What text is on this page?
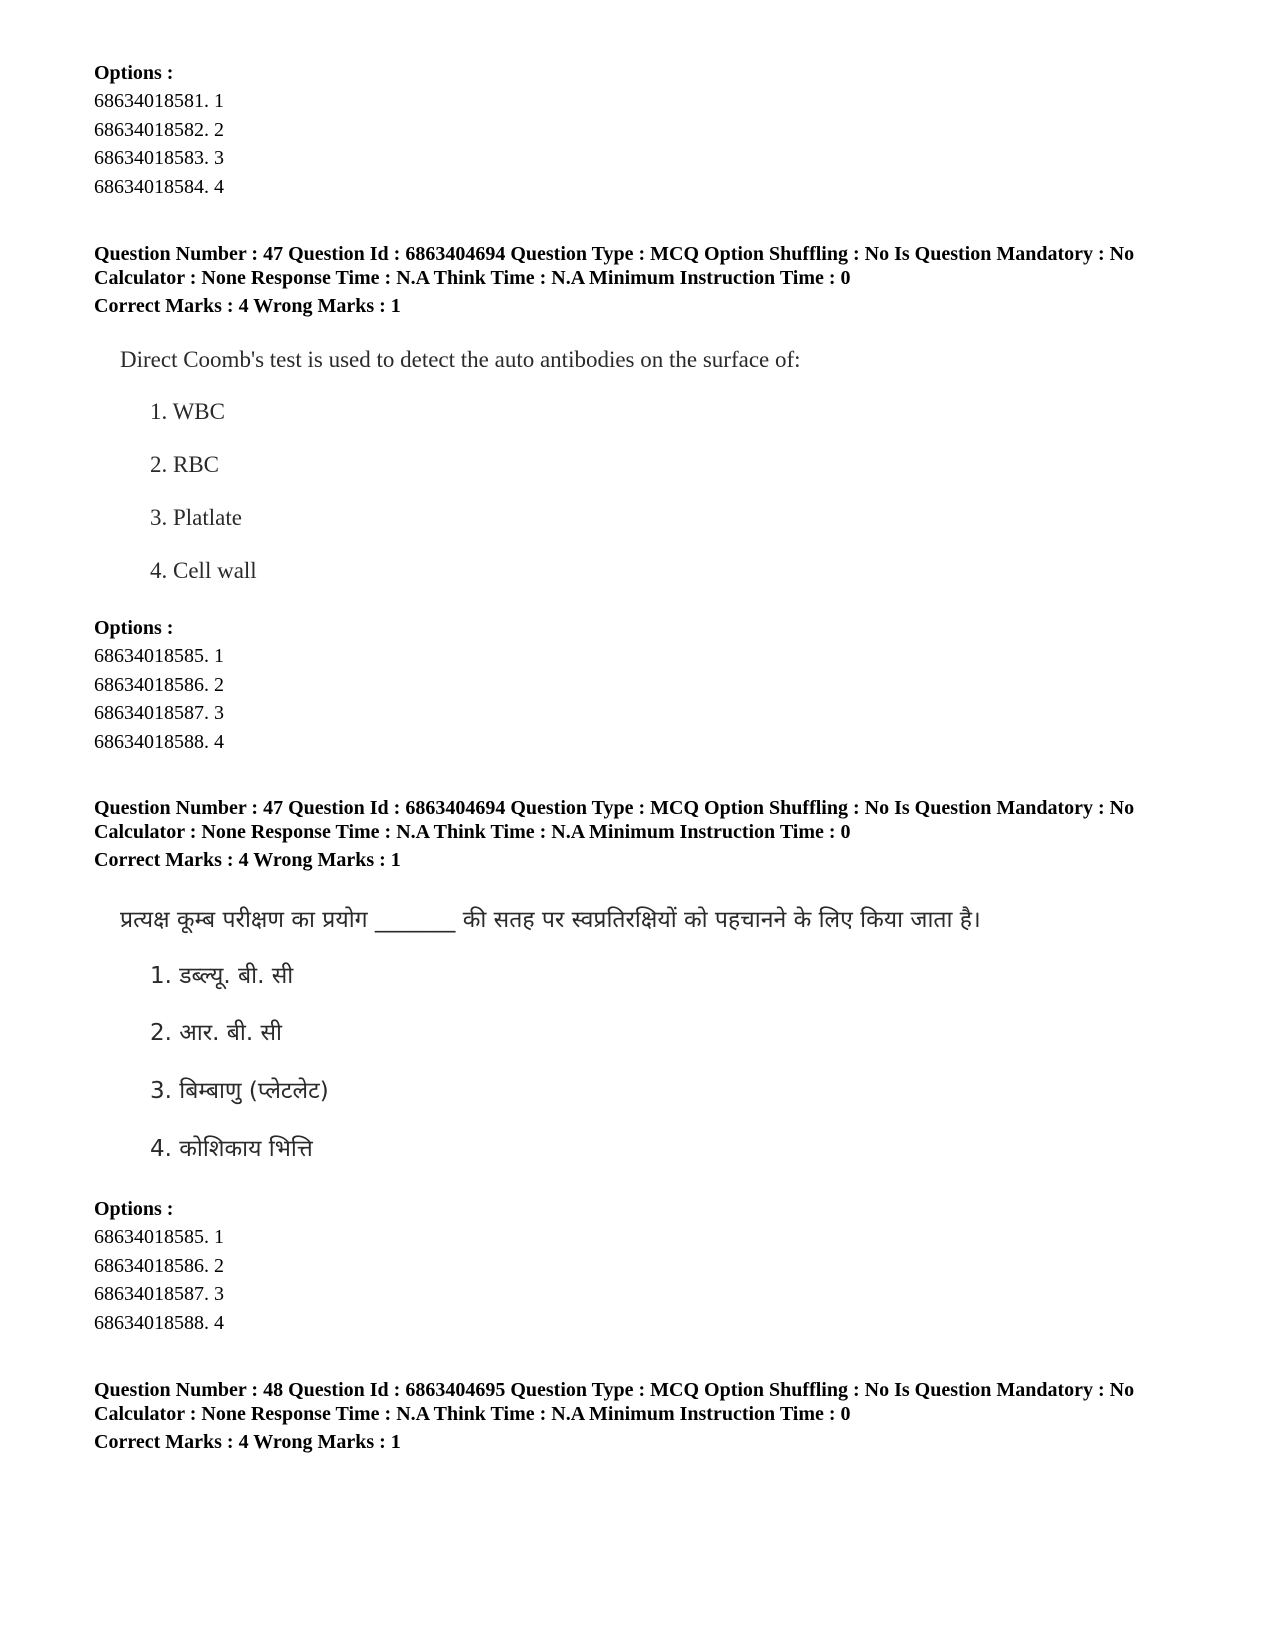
Options :

68634018581. 1

68634018582. 2

68634018583. 3

68634018584. 4

Question Number : 47 Question Id : 6863404694 Question Type : MCQ Option Shuffling : No Is Question Mandatory : No Calculator : None Response Time : N.A Think Time : N.A Minimum Instruction Time : 0

Correct Marks : 4 Wrong Marks : 1

Direct Coomb's test is used to detect the auto antibodies on the surface of:

1. WBC

2. RBC

3. Platlate

4. Cell wall

Options :

68634018585. 1

68634018586. 2

68634018587. 3

68634018588. 4

Question Number : 47 Question Id : 6863404694 Question Type : MCQ Option Shuffling : No Is Question Mandatory : No Calculator : None Response Time : N.A Think Time : N.A Minimum Instruction Time : 0

Correct Marks : 4 Wrong Marks : 1

प्रत्यक्ष कूम्ब परीक्षण का प्रयोग _______ की सतह पर स्वप्रतिरक्षियों को पहचानने के लिए किया जाता है।

1. डब्ल्यू. बी. सी

2. आर. बी. सी

3. बिम्बाणु (प्लेटलेट)

4. कोशिकाय भित्ति

Options :

68634018585. 1

68634018586. 2

68634018587. 3

68634018588. 4

Question Number : 48 Question Id : 6863404695 Question Type : MCQ Option Shuffling : No Is Question Mandatory : No Calculator : None Response Time : N.A Think Time : N.A Minimum Instruction Time : 0

Correct Marks : 4 Wrong Marks : 1
